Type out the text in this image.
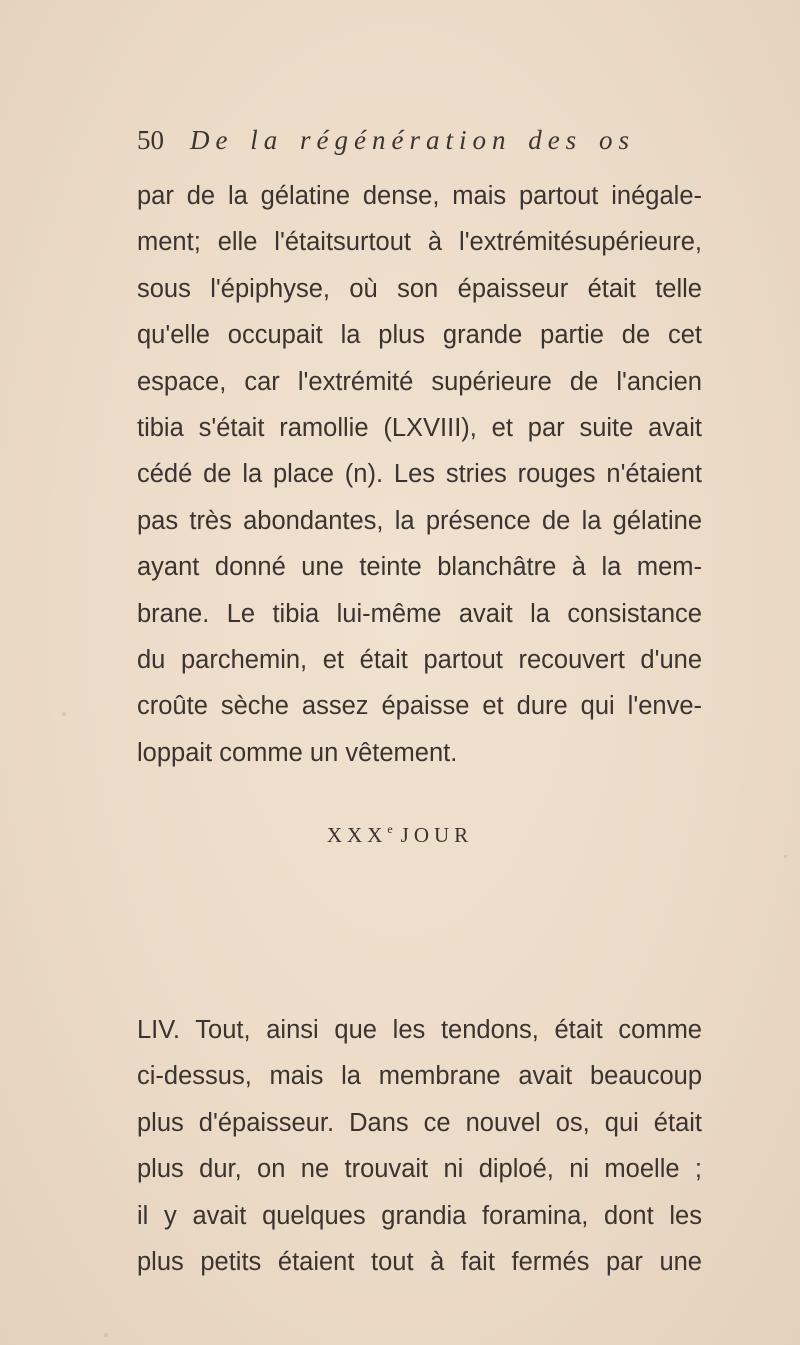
50 De la régénération des os
par de la gélatine dense, mais partout inégale-
ment; elle l'étaitsurtout à l'extrémitésupérieure,
sous l'épiphyse, où son épaisseur était telle
qu'elle occupait la plus grande partie de cet
espace, car l'extrémité supérieure de l'ancien
tibia s'était ramollie (LXVIII), et par suite avait
cédé de la place (n). Les stries rouges n'étaient
pas très abondantes, la présence de la gélatine
ayant donné une teinte blanchâtre à la mem-
brane. Le tibia lui-même avait la consistance
du parchemin, et était partout recouvert d'une
croûte sèche assez épaisse et dure qui l'enve-
loppait comme un vêtement.
XXXe JOUR
LIV. Tout, ainsi que les tendons, était comme
ci-dessus, mais la membrane avait beaucoup
plus d'épaisseur. Dans ce nouvel os, qui était
plus dur, on ne trouvait ni diploé, ni moelle ;
il y avait quelques grandia foramina, dont les
plus petits étaient tout à fait fermés par une
